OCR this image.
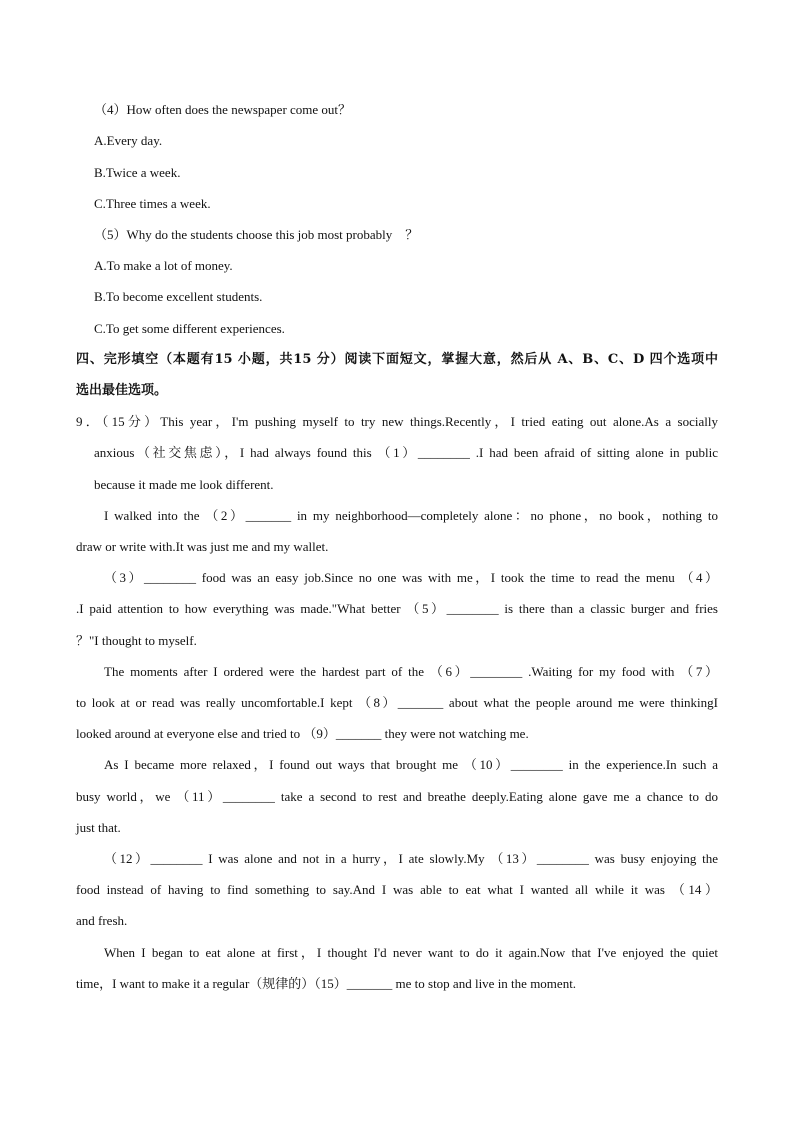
（4）How often does the newspaper come out？
A.Every day.
B.Twice a week.
C.Three times a week.
（5）Why do the students choose this job most probably　？
A.To make a lot of money.
B.To become excellent students.
C.To get some different experiences.
四、完形填空（本题有15 小题，共15 分）阅读下面短文，掌握大意，然后从 A、B、C、D 四个选项中
选出最佳选项。
9．（15分）This year，I'm pushing myself to try new things.Recently，I tried eating out alone.As a socially
anxious（社交焦虑），I had always found this （1）________ .I had been afraid of sitting alone in public
because it made me look different.
I walked into the （2）_______ in my neighborhood—completely alone：no phone，no book，nothing to
draw or write with.It was just me and my wallet.
（3）________ food was an easy job.Since no one was with me，I took the time to read the menu （4）
.I paid attention to how everything was made."What better （5）________ is there than a classic burger and fries
？"I thought to myself.
The moments after I ordered were the hardest part of the （6）________ .Waiting for my food with （7）
to look at or read was really uncomfortable.I kept （8）_______ about what the people around me were thinkingI
looked around at everyone else and tried to （9）_______ they were not watching me.
As I became more relaxed，I found out ways that brought me （10）________ in the experience.In such a
busy world，we （11）________ take a second to rest and breathe deeply.Eating alone gave me a chance to do
just that.
（12）________ I was alone and not in a hurry，I ate slowly.My （13）________ was busy enjoying the
food instead of having to find something to say.And I was able to eat what I wanted all while it was （14）
and fresh.
When I began to eat alone at first，I thought I'd never want to do it again.Now that I've enjoyed the quiet
time，I want to make it a regular（规律的）（15）_______ me to stop and live in the moment.
